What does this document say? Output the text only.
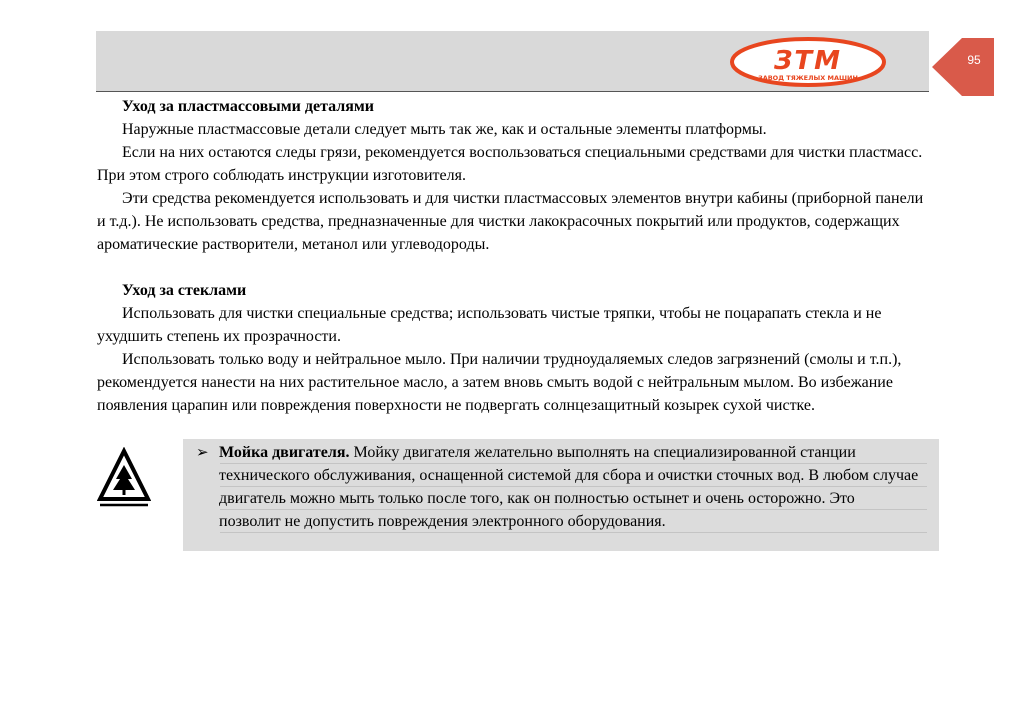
ЗТМ
ЗАВОД ТЯЖЕЛЫХ МАШИН
95

Уход за пластмассовыми деталями

Наружные пластмассовые детали следует мыть так же, как и остальные элементы платформы.

Если на них остаются следы грязи, рекомендуется воспользоваться специальными средствами для чистки пластмасс. При этом строго соблюдать инструкции изготовителя.

Эти средства рекомендуется использовать и для чистки пластмассовых элементов внутри кабины (приборной панели и т.д.). Не использовать средства, предназначенные для чистки лакокрасочных покрытий или продуктов, содержащих ароматические растворители, метанол или углеводороды.

Уход за стеклами

Использовать для чистки специальные средства; использовать чистые тряпки, чтобы не поцарапать стекла и не ухудшить степень их прозрачности.

Использовать только воду и нейтральное мыло. При наличии трудноудаляемых следов загрязнений (смолы и т.п.), рекомендуется нанести на них растительное масло, а затем вновь смыть водой с нейтральным мылом. Во избежание появления царапин или повреждения поверхности не подвергать солнцезащитный козырек сухой чистке.

➢ Мойка двигателя. Мойку двигателя желательно выполнять на специализированной станции технического обслуживания, оснащенной системой для сбора и очистки сточных вод. В любом случае двигатель можно мыть только после того, как он полностью остынет и очень осторожно. Это позволит не допустить повреждения электронного оборудования.
